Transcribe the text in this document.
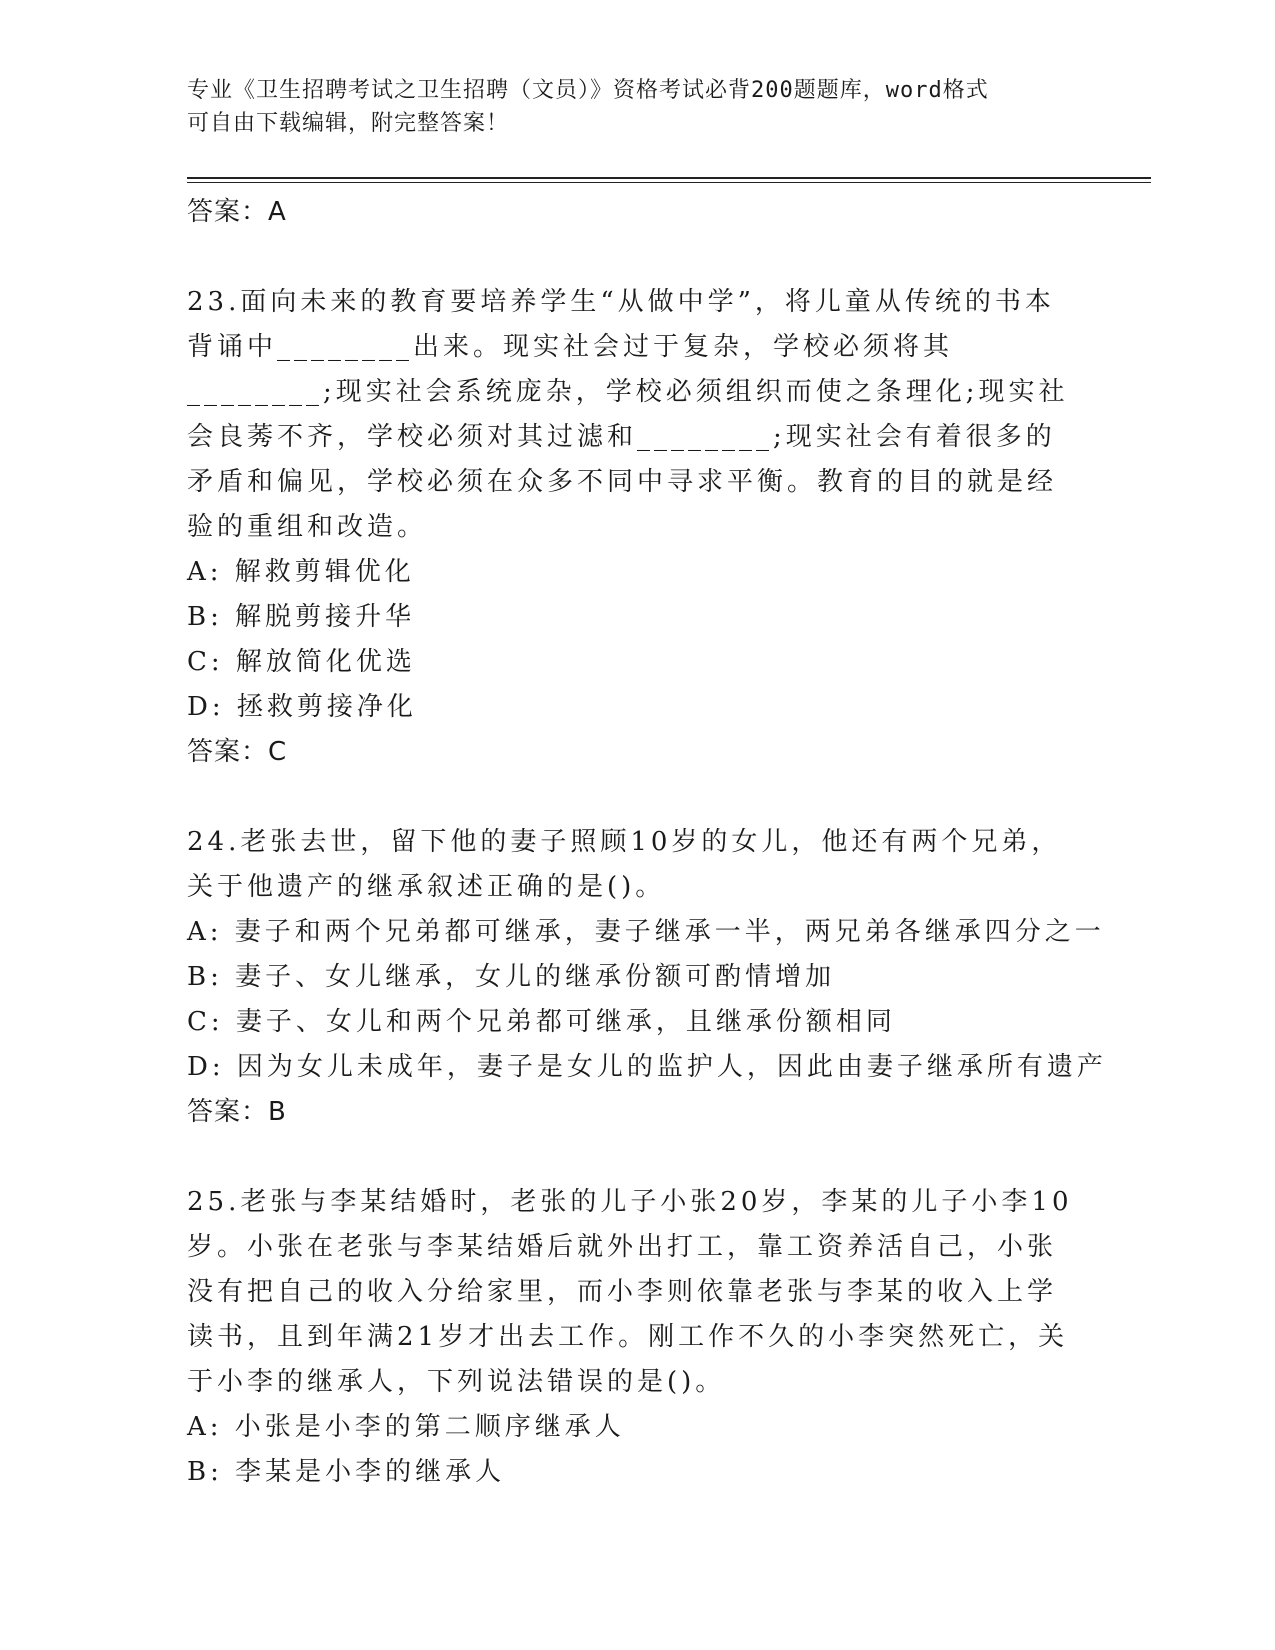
专业《卫生招聘考试之卫生招聘（文员）》资格考试必背200题题库，word格式
可自由下载编辑，附完整答案！

答案：A

23.面向未来的教育要培养学生“从做中学”，将儿童从传统的书本背诵中________出来。现实社会过于复杂，学校必须将其________;现实社会系统庞杂，学校必须组织而使之条理化;现实社会良莠不齐，学校必须对其过滤和________;现实社会有着很多的矛盾和偏见，学校必须在众多不同中寻求平衡。教育的目的就是经验的重组和改造。

A: 解救剪辑优化

B: 解脱剪接升华

C: 解放简化优选

D: 拯救剪接净化

答案：C

24.老张去世，留下他的妻子照顾10岁的女儿，他还有两个兄弟，关于他遗产的继承叙述正确的是()。

A: 妻子和两个兄弟都可继承，妻子继承一半，两兄弟各继承四分之一

B: 妻子、女儿继承，女儿的继承份额可酌情增加

C: 妻子、女儿和两个兄弟都可继承，且继承份额相同

D: 因为女儿未成年，妻子是女儿的监护人，因此由妻子继承所有遗产

答案：B

25.老张与李某结婚时，老张的儿子小张20岁，李某的儿子小李10岁。小张在老张与李某结婚后就外出打工，靠工资养活自己，小张没有把自己的收入分给家里，而小李则依靠老张与李某的收入上学读书，且到年满21岁才出去工作。刚工作不久的小李突然死亡，关于小李的继承人，下列说法错误的是()。

A: 小张是小李的第二顺序继承人

B: 李某是小李的继承人
